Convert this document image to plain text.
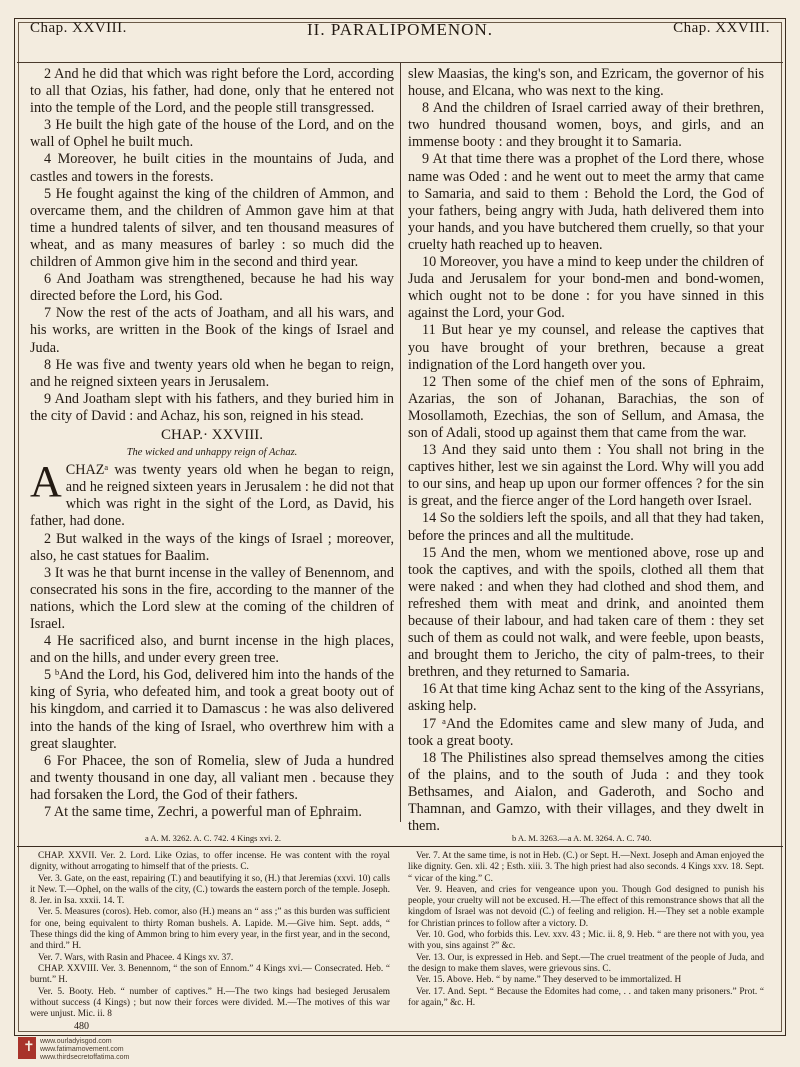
Chap. XXVIII.	II. PARALIPOMENON.	Chap. XXVIII.

2 And he did that which was right before the Lord, according to all that Ozias, his father, had done, only that he entered not into the temple of the Lord, and the people still transgressed.

3 He built the high gate of the house of the Lord, and on the wall of Ophel he built much.

4 Moreover, he built cities in the mountains of Juda, and castles and towers in the forests.

5 He fought against the king of the children of Ammon, and overcame them, and the children of Ammon gave him at that time a hundred talents of silver, and ten thousand measures of wheat, and as many measures of barley : so much did the children of Ammon give him in the second and third year.

6 And Joatham was strengthened, because he had his way directed before the Lord, his God.

7 Now the rest of the acts of Joatham, and all his wars, and his works, are written in the Book of the kings of Israel and Juda.

8 He was five and twenty years old when he began to reign, and he reigned sixteen years in Jerusalem.

9 And Joatham slept with his fathers, and they buried him in the city of David : and Achaz, his son, reigned in his stead.

CHAP.· XXVIII.

The wicked and unhappy reign of Achaz.

ACHAZᵃ was twenty years old when he began to reign, and he reigned sixteen years in Jerusalem : he did not that which was right in the sight of the Lord, as David, his father, had done.

2 But walked in the ways of the kings of Israel ; moreover, also, he cast statues for Baalim.

3 It was he that burnt incense in the valley of Benennom, and consecrated his sons in the fire, according to the manner of the nations, which the Lord slew at the coming of the children of Israel.

4 He sacrificed also, and burnt incense in the high places, and on the hills, and under every green tree.

5 ᵇAnd the Lord, his God, delivered him into the hands of the king of Syria, who defeated him, and took a great booty out of his kingdom, and carried it to Damascus : he was also delivered into the hands of the king of Israel, who overthrew him with a great slaughter.

6 For Phacee, the son of Romelia, slew of Juda a hundred and twenty thousand in one day, all valiant men . because they had forsaken the Lord, the God of their fathers.

7 At the same time, Zechri, a powerful man of Ephraim.

slew Maasias, the king's son, and Ezricam, the governor of his house, and Elcana, who was next to the king.

8 And the children of Israel carried away of their brethren, two hundred thousand women, boys, and girls, and an immense booty : and they brought it to Samaria.

9 At that time there was a prophet of the Lord there, whose name was Oded : and he went out to meet the army that came to Samaria, and said to them : Behold the Lord, the God of your fathers, being angry with Juda, hath delivered them into your hands, and you have butchered them cruelly, so that your cruelty hath reached up to heaven.

10 Moreover, you have a mind to keep under the children of Juda and Jerusalem for your bond-men and bond-women, which ought not to be done : for you have sinned in this against the Lord, your God.

11 But hear ye my counsel, and release the captives that you have brought of your brethren, because a great indignation of the Lord hangeth over you.

12 Then some of the chief men of the sons of Ephraim, Azarias, the son of Johanan, Barachias, the son of Mosollamoth, Ezechias, the son of Sellum, and Amasa, the son of Adali, stood up against them that came from the war.

13 And they said unto them : You shall not bring in the captives hither, lest we sin against the Lord. Why will you add to our sins, and heap up upon our former offences ? for the sin is great, and the fierce anger of the Lord hangeth over Israel.

14 So the soldiers left the spoils, and all that they had taken, before the princes and all the multitude.

15 And the men, whom we mentioned above, rose up and took the captives, and with the spoils, clothed all them that were naked : and when they had clothed and shod them, and refreshed them with meat and drink, and anointed them because of their labour, and had taken care of them : they set such of them as could not walk, and were feeble, upon beasts, and brought them to Jericho, the city of palm-trees, to their brethren, and they returned to Samaria.

16 At that time king Achaz sent to the king of the Assyrians, asking help.

17 ᵃAnd the Edomites came and slew many of Juda, and took a great booty.

18 The Philistines also spread themselves among the cities of the plains, and to the south of Juda : and they took Bethsames, and Aialon, and Gaderoth, and Socho and Thamnan, and Gamzo, with their villages, and they dwelt in them.

a A. M. 3262. A. C. 742. 4 Kings xvi. 2.	b A. M. 3263.—a A. M. 3264. A. C. 740.

CHAP. XXVII. Ver. 2. Lord. Like Ozias, to offer incense. He was content with the royal dignity, without arrogating to himself that of the priests. C.

Ver. 3. Gate, on the east, repairing (T.) and beautifying it so, (H.) that Jeremias (xxvi. 10) calls it New. T.—Ophel, on the walls of the city, (C.) towards the eastern porch of the temple. Joseph. 8. Jer. in Isa. xxxii. 14. T.

Ver. 5. Measures (coros). Heb. comor, also (H.) means an “ ass ;” as this burden was sufficient for one, being equivalent to thirty Roman bushels. A. Lapide. M.—Give him. Sept. adds, “ These things did the king of Ammon bring to him every year, in the first year, and in the second, and third.” H.

Ver. 7. Wars, with Rasin and Phacee. 4 Kings xv. 37.

CHAP. XXVIII. Ver. 3. Benennom, “ the son of Ennom.” 4 Kings xvi.— Consecrated. Heb. “ burnt.” H.

Ver. 5. Booty. Heb. “ number of captives.” H.—The two kings had besieged Jerusalem without success (4 Kings) ; but now their forces were divided. M.—The motives of this war were unjust. Mic. ii. 8

480

Ver. 7. At the same time, is not in Heb. (C.) or Sept. H.—Next. Joseph and Aman enjoyed the like dignity. Gen. xli. 42 ; Esth. xiii. 3. The high priest had also seconds. 4 Kings xxv. 18. Sept. “ vicar of the king.” C.

Ver. 9. Heaven, and cries for vengeance upon you. Though God designed to punish his people, your cruelty will not be excused. H.—The effect of this remonstrance shows that all the kingdom of Israel was not devoid (C.) of feeling and religion. H.—They set a noble example for Christian princes to follow after a victory. D.

Ver. 10. God, who forbids this. Lev. xxv. 43 ; Mic. ii. 8, 9. Heb. “ are there not with you, yea with you, sins against ?” &c.

Ver. 13. Our, is expressed in Heb. and Sept.—The cruel treatment of the people of Juda, and the design to make them slaves, were grievous sins. C.

Ver. 15. Above. Heb. “ by name.” They deserved to be immortalized. H

Ver. 17. And. Sept. “ Because the Edomites had come, . . and taken many prisoners.” Prot. “ for again,” &c. H.

✝ www.ourladyisgod.com
www.fatimamovement.com
www.thirdsecretoffatima.com
